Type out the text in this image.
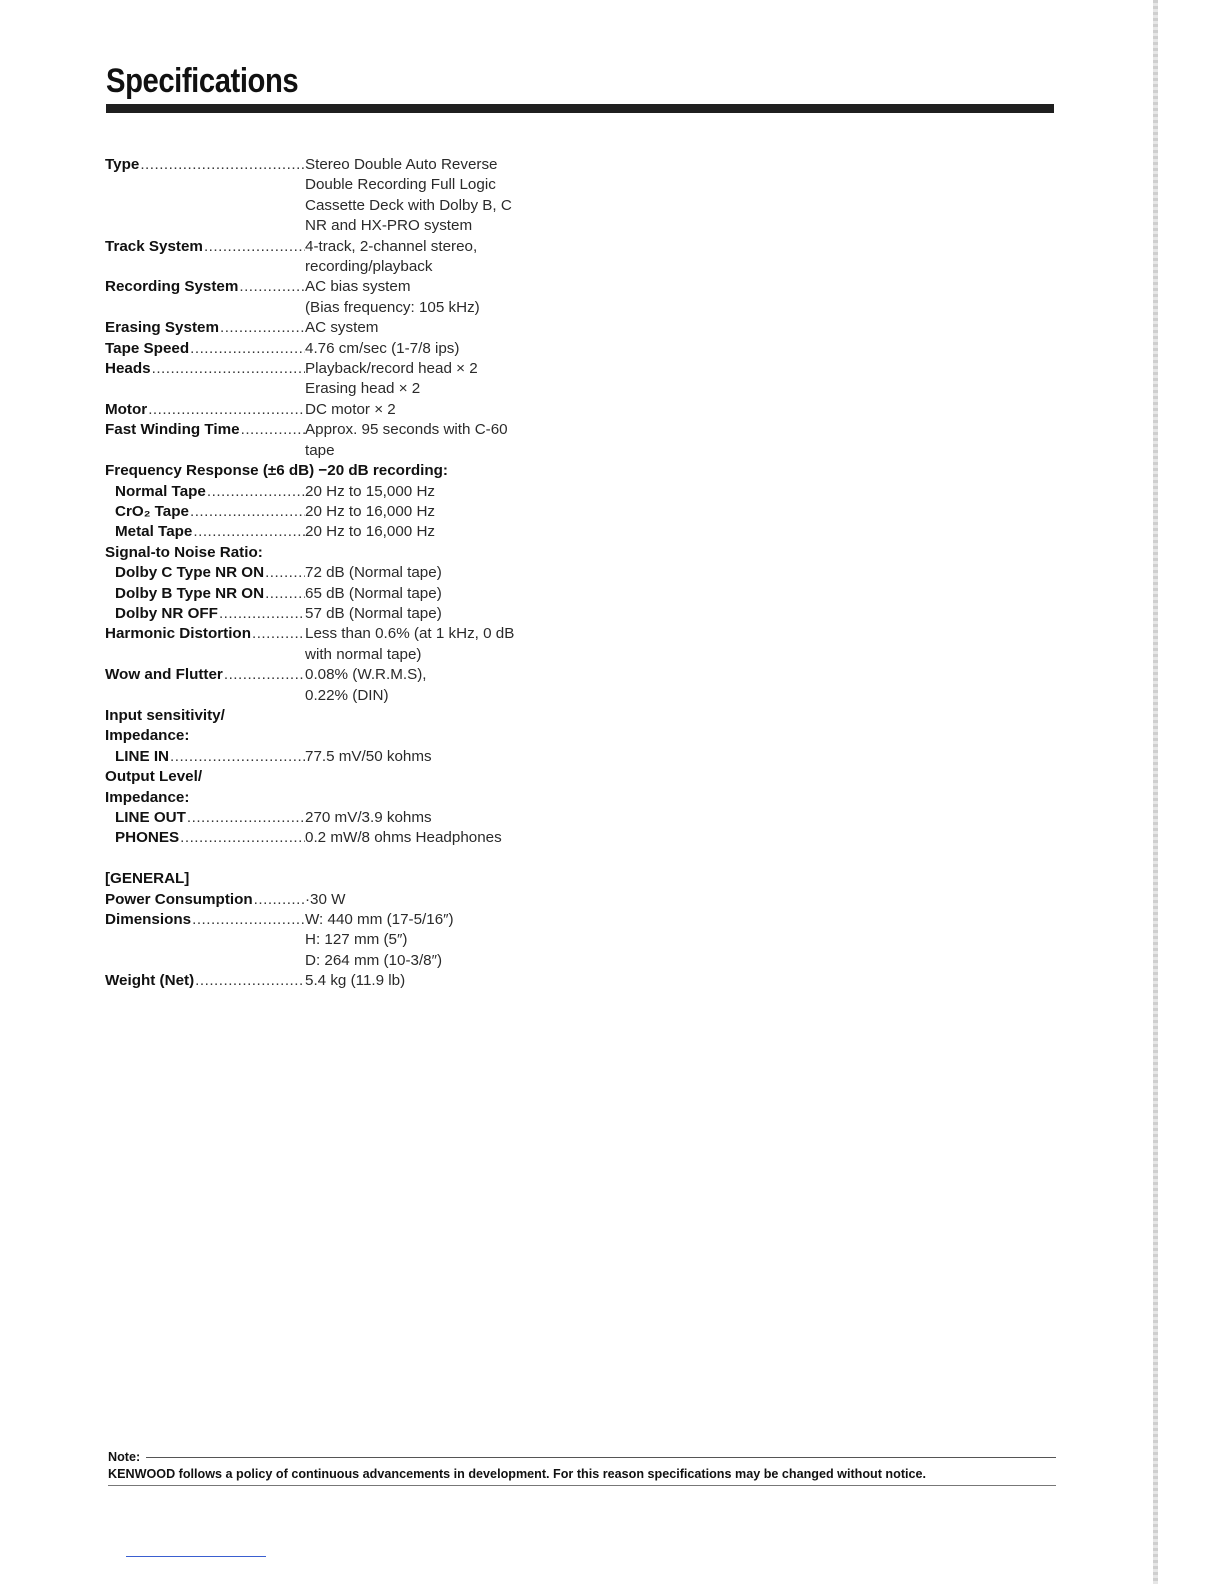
Specifications
Type .....	Stereo Double Auto Reverse
Double Recording Full Logic
Cassette Deck with Dolby B, C
NR and HX-PRO system
Track System .....	4-track, 2-channel stereo,
recording/playback
Recording System .....	AC bias system
(Bias frequency: 105 kHz)
Erasing System .....	AC system
Tape Speed .....	4.76 cm/sec (1-7/8 ips)
Heads .....	Playback/record head × 2
Erasing head × 2
Motor .....	DC motor × 2
Fast Winding Time .....	Approx. 95 seconds with C-60
tape
Frequency Response (±6 dB) −20 dB recording:
Normal Tape .....	20 Hz to 15,000 Hz
CrO₂ Tape .....	20 Hz to 16,000 Hz
Metal Tape .....	20 Hz to 16,000 Hz
Signal-to Noise Ratio:
Dolby C Type NR ON .....	72 dB (Normal tape)
Dolby B Type NR ON .....	65 dB (Normal tape)
Dolby NR OFF .....	57 dB (Normal tape)
Harmonic Distortion .....	Less than 0.6% (at 1 kHz, 0 dB
with normal tape)
Wow and Flutter .....	0.08% (W.R.M.S),
0.22% (DIN)
Input sensitivity/
Impedance:
LINE IN .....	77.5 mV/50 kohms
Output Level/
Impedance:
LINE OUT .....	270 mV/3.9 kohms
PHONES .....	0.2 mW/8 ohms Headphones
[GENERAL]
Power Consumption .....	·30 W
Dimensions .....	W: 440 mm (17-5/16″)
H: 127 mm (5″)
D: 264 mm (10-3/8″)
Weight (Net) .....	5.4 kg (11.9 lb)
Note:
KENWOOD follows a policy of continuous advancements in development. For this reason specifications may be changed without notice.
